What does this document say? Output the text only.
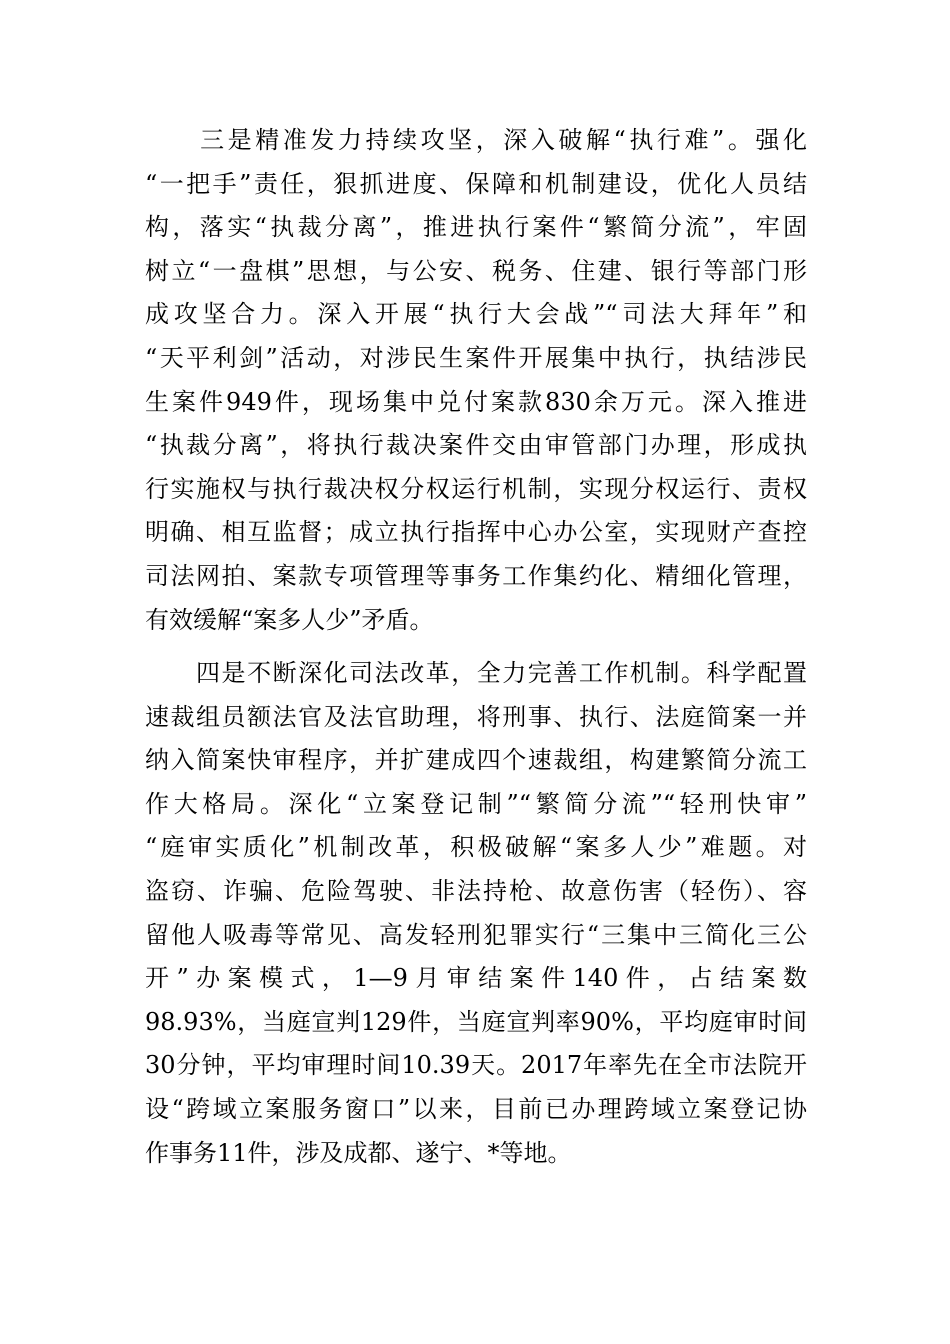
　　三是精准发力持续攻坚，深入破解“执行难”。强化
“一把手”责任，狠抓进度、保障和机制建设，优化人员结
构，落实“执裁分离”，推进执行案件“繁简分流”，牢固
树立“一盘棋”思想，与公安、税务、住建、银行等部门形
成攻坚合力。深入开展“执行大会战”“司法大拜年”和
“天平利剑”活动，对涉民生案件开展集中执行，执结涉民
生案件949件，现场集中兑付案款830余万元。深入推进
“执裁分离”，将执行裁决案件交由审管部门办理，形成执
行实施权与执行裁决权分权运行机制，实现分权运行、责权
明确、相互监督；成立执行指挥中心办公室，实现财产查控
司法网拍、案款专项管理等事务工作集约化、精细化管理，
有效缓解“案多人少”矛盾。
　　四是不断深化司法改革，全力完善工作机制。科学配置
速裁组员额法官及法官助理，将刑事、执行、法庭简案一并
纳入简案快审程序，并扩建成四个速裁组，构建繁简分流工
作大格局。深化“立案登记制”“繁简分流”“轻刑快审”
“庭审实质化”机制改革，积极破解“案多人少”难题。对
盗窃、诈骗、危险驾驶、非法持枪、故意伤害（轻伤）、容
留他人吸毒等常见、高发轻刑犯罪实行“三集中三简化三公
开”办案模式，1—9月审结案件140件，占结案数
98.93%，当庭宣判129件，当庭宣判率90%，平均庭审时间
30分钟，平均审理时间10.39天。2017年率先在全市法院开
设“跨域立案服务窗口”以来，目前已办理跨域立案登记协
作事务11件，涉及成都、遂宁、*等地。
